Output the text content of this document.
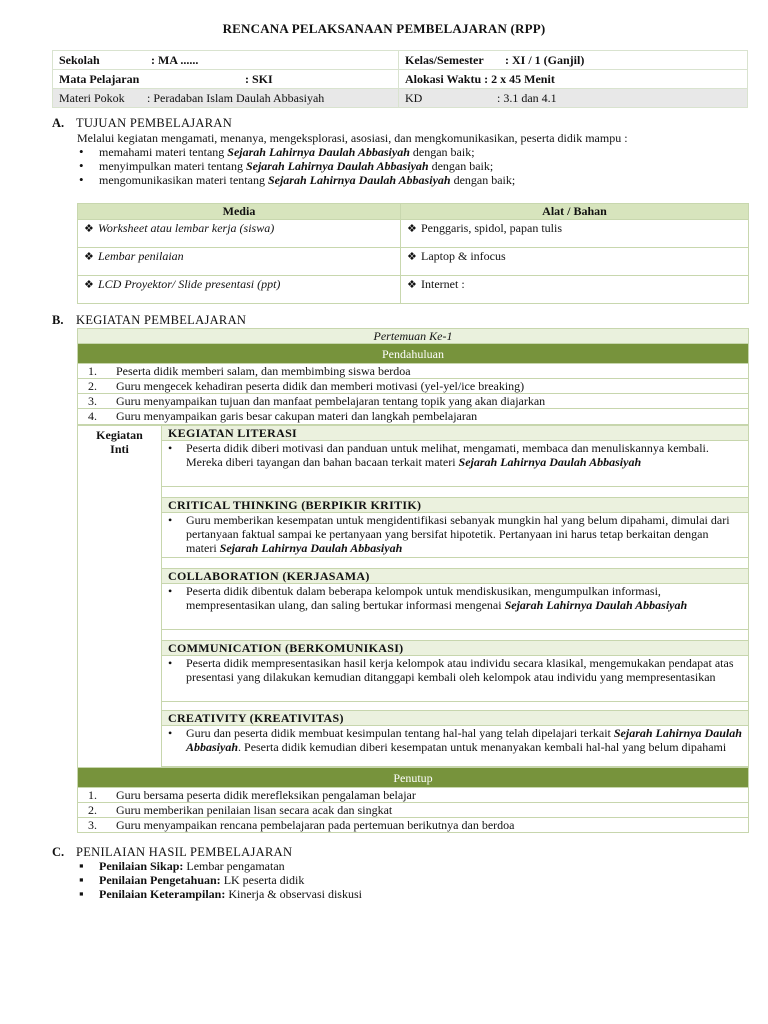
RENCANA PELAKSANAAN PEMBELAJARAN (RPP)
Sekolah : MA ......	Kelas/Semester : XI / 1 (Ganjil)
Mata Pelajaran : SKI	Alokasi Waktu : 2 x 45 Menit
Materi Pokok : Peradaban Islam Daulah Abbasiyah	KD : 3.1 dan 4.1
A. TUJUAN PEMBELAJARAN
Melalui kegiatan mengamati, menanya, mengeksplorasi, asosiasi, dan mengkomunikasikan, peserta didik mampu :
• memahami materi tentang Sejarah Lahirnya Daulah Abbasiyah dengan baik;
• menyimpulkan materi tentang Sejarah Lahirnya Daulah Abbasiyah dengan baik;
• mengomunikasikan materi tentang Sejarah Lahirnya Daulah Abbasiyah dengan baik;
Media	Alat / Bahan
❖ Worksheet atau lembar kerja (siswa)	❖ Penggaris, spidol, papan tulis
❖ Lembar penilaian	❖ Laptop & infocus
❖ LCD Proyektor/ Slide presentasi (ppt)	❖ Internet :
B. KEGIATAN PEMBELAJARAN
Pertemuan Ke-1
Pendahuluan
1. Peserta didik memberi salam, dan membimbing siswa berdoa
2. Guru mengecek kehadiran peserta didik dan memberi motivasi (yel-yel/ice breaking)
3. Guru menyampaikan tujuan dan manfaat pembelajaran tentang topik yang akan diajarkan
4. Guru menyampaikan garis besar cakupan materi dan langkah pembelajaran

Kegiatan
Inti
	KEGIATAN LITERASI
• Peserta didik diberi motivasi dan panduan untuk melihat, mengamati, membaca dan menuliskannya kembali. Mereka diberi tayangan dan bahan bacaan terkait materi Sejarah Lahirnya Daulah Abbasiyah

CRITICAL THINKING (BERPIKIR KRITIK)
• Guru memberikan kesempatan untuk mengidentifikasi sebanyak mungkin hal yang belum dipahami, dimulai dari pertanyaan faktual sampai ke pertanyaan yang bersifat hipotetik. Pertanyaan ini harus tetap berkaitan dengan materi Sejarah Lahirnya Daulah Abbasiyah

COLLABORATION (KERJASAMA)
• Peserta didik dibentuk dalam beberapa kelompok untuk mendiskusikan, mengumpulkan informasi, mempresentasikan ulang, dan saling bertukar informasi mengenai Sejarah Lahirnya Daulah Abbasiyah

COMMUNICATION (BERKOMUNIKASI)
• Peserta didik mempresentasikan hasil kerja kelompok atau individu secara klasikal, mengemukakan pendapat atas presentasi yang dilakukan kemudian ditanggapi kembali oleh kelompok atau individu yang mempresentasikan

CREATIVITY (KREATIVITAS)
• Guru dan peserta didik membuat kesimpulan tentang hal-hal yang telah dipelajari terkait Sejarah Lahirnya Daulah Abbasiyah. Peserta didik kemudian diberi kesempatan untuk menanyakan kembali hal-hal yang belum dipahami

Penutup
1. Guru bersama peserta didik merefleksikan pengalaman belajar
2. Guru memberikan penilaian lisan secara acak dan singkat
3. Guru menyampaikan rencana pembelajaran pada pertemuan berikutnya dan berdoa
C. PENILAIAN HASIL PEMBELAJARAN
▪ Penilaian Sikap: Lembar pengamatan
▪ Penilaian Pengetahuan: LK peserta didik
▪ Penilaian Keterampilan: Kinerja & observasi diskusi
